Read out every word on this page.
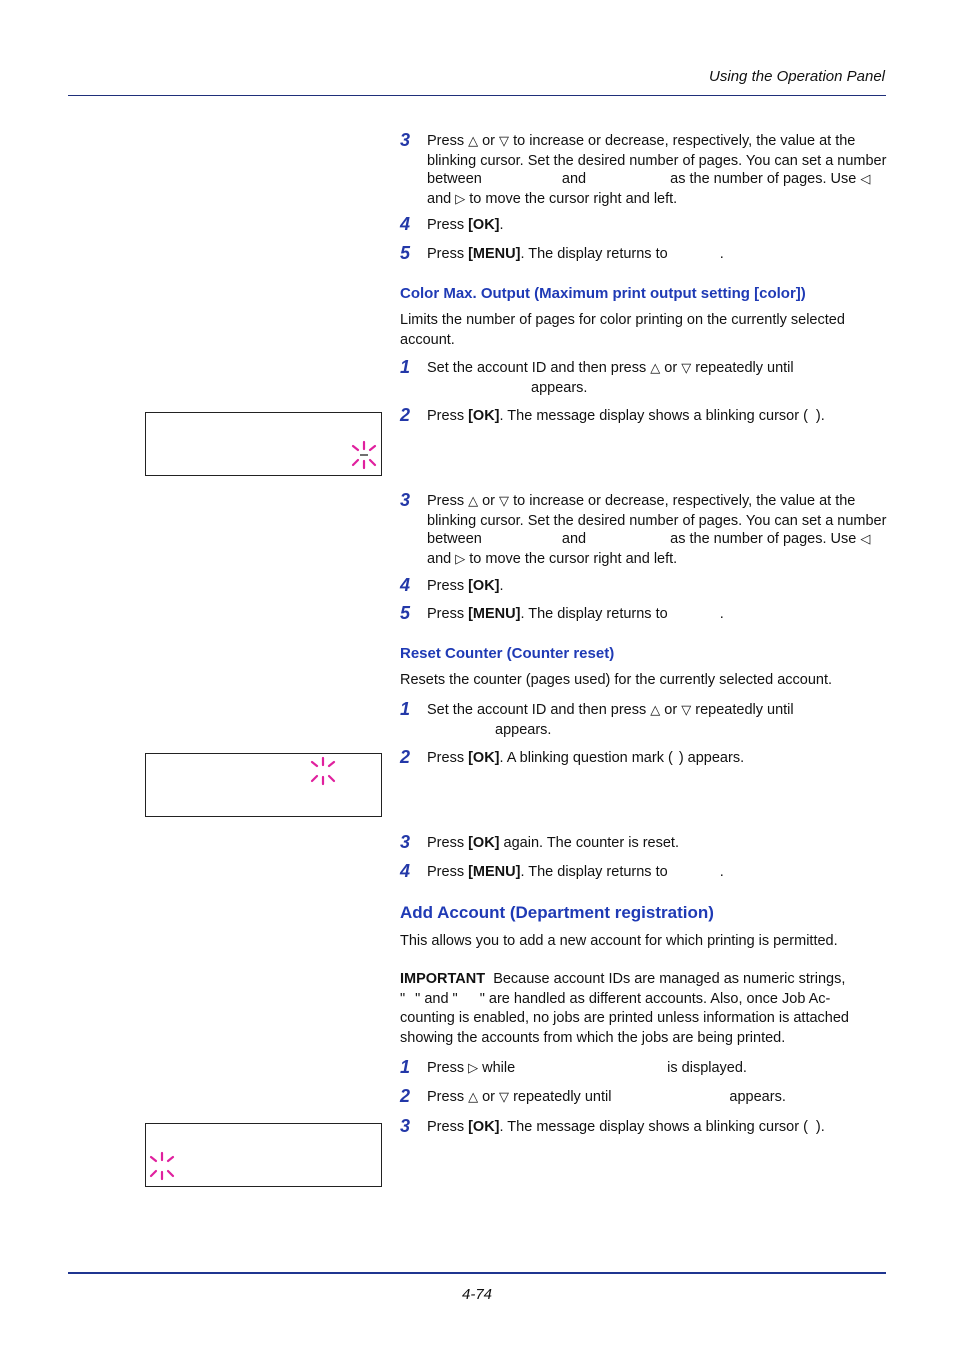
Using the Operation Panel
3	Press △ or ▽ to increase or decrease, respectively, the value at the blinking cursor. Set the desired number of pages. You can set a number between	and	as the number of pages. Use ◁ and ▷ to move the cursor right and left.
4	Press [OK].
5	Press [MENU]. The display returns to	.
Color Max. Output (Maximum print output setting [color])
Limits the number of pages for color printing on the currently selected account.
1	Set the account ID and then press △ or ▽ repeatedly until
appears.
2	Press [OK]. The message display shows a blinking cursor ( ).
3	Press △ or ▽ to increase or decrease, respectively, the value at the blinking cursor. Set the desired number of pages. You can set a number between	and	as the number of pages. Use ◁ and ▷ to move the cursor right and left.
4	Press [OK].
5	Press [MENU]. The display returns to	.
Reset Counter (Counter reset)
Resets the counter (pages used) for the currently selected account.
1	Set the account ID and then press △ or ▽ repeatedly until
appears.
2	Press [OK]. A blinking question mark ( ) appears.
3	Press [OK] again. The counter is reset.
4	Press [MENU]. The display returns to	.
Add Account (Department registration)
This allows you to add a new account for which printing is permitted.
IMPORTANT Because account IDs are managed as numeric strings,
" " and " " are handled as different accounts. Also, once Job Ac-
counting is enabled, no jobs are printed unless information is attached showing the accounts from which the jobs are being printed.
1	Press ▷ while	is displayed.
2	Press △ or ▽ repeatedly until	appears.
3	Press [OK]. The message display shows a blinking cursor ( ).
4-74
